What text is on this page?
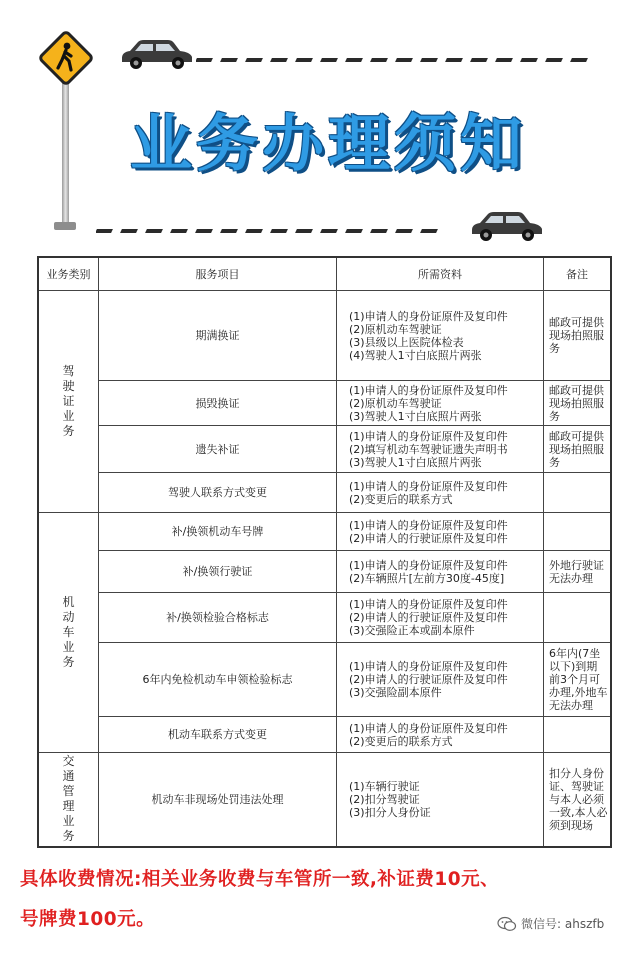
业务办理须知
业务类别	服务项目	所需资料	备注

驾驶证业务	期满换证	(1)申请人的身份证原件及复印件
(2)原机动车驾驶证
(3)县级以上医院体检表
(4)驾驶人1寸白底照片两张	邮政可提供现场拍照服务

	损毁换证	(1)申请人的身份证原件及复印件
(2)原机动车驾驶证
(3)驾驶人1寸白底照片两张	邮政可提供现场拍照服务

	遗失补证	(1)申请人的身份证原件及复印件
(2)填写机动车驾驶证遗失声明书
(3)驾驶人1寸白底照片两张	邮政可提供现场拍照服务

	驾驶人联系方式变更	(1)申请人的身份证原件及复印件
(2)变更后的联系方式	

机动车业务	补/换领机动车号牌	(1)申请人的身份证原件及复印件
(2)申请人的行驶证原件及复印件	

	补/换领行驶证	(1)申请人的身份证原件及复印件
(2)车辆照片[左前方30度-45度]	外地行驶证无法办理

	补/换领检验合格标志	(1)申请人的身份证原件及复印件
(2)申请人的行驶证原件及复印件
(3)交强险正本或副本原件	

	6年内免检机动车申领检验标志	(1)申请人的身份证原件及复印件
(2)申请人的行驶证原件及复印件
(3)交强险副本原件	6年内(7坐以下)到期前3个月可办理,外地车无法办理

	机动车联系方式变更	(1)申请人的身份证原件及复印件
(2)变更后的联系方式	

交通管理业务	机动车非现场处罚违法处理	(1)车辆行驶证
(2)扣分驾驶证
(3)扣分人身份证	扣分人身份证、驾驶证与本人必须一致,本人必须到现场
具体收费情况:相关业务收费与车管所一致,补证费10元、
号牌费100元。	微信号: ahszfb
